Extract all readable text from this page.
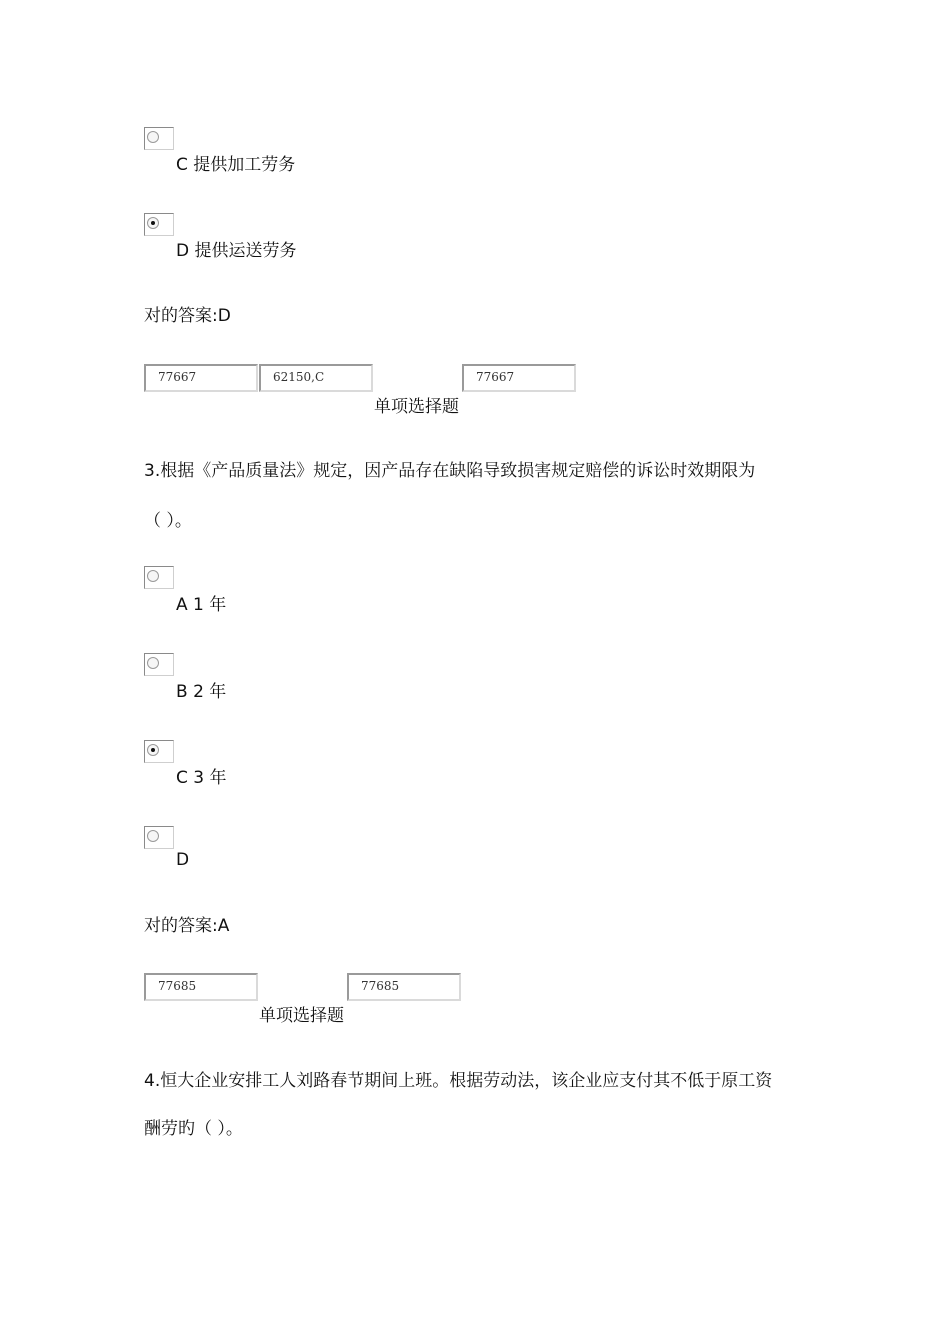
C 提供加工劳务
D 提供运送劳务
对的答案:D
77667	62150,C	77667
单项选择题
3.根据《产品质量法》规定，因产品存在缺陷导致损害规定赔偿的诉讼时效期限为
（ ）。
A 1 年
B 2 年
C 3 年
D
对的答案:A
77685	77685
单项选择题
4.恒大企业安排工人刘路春节期间上班。根据劳动法，该企业应支付其不低于原工资
酬劳旳（ ）。
